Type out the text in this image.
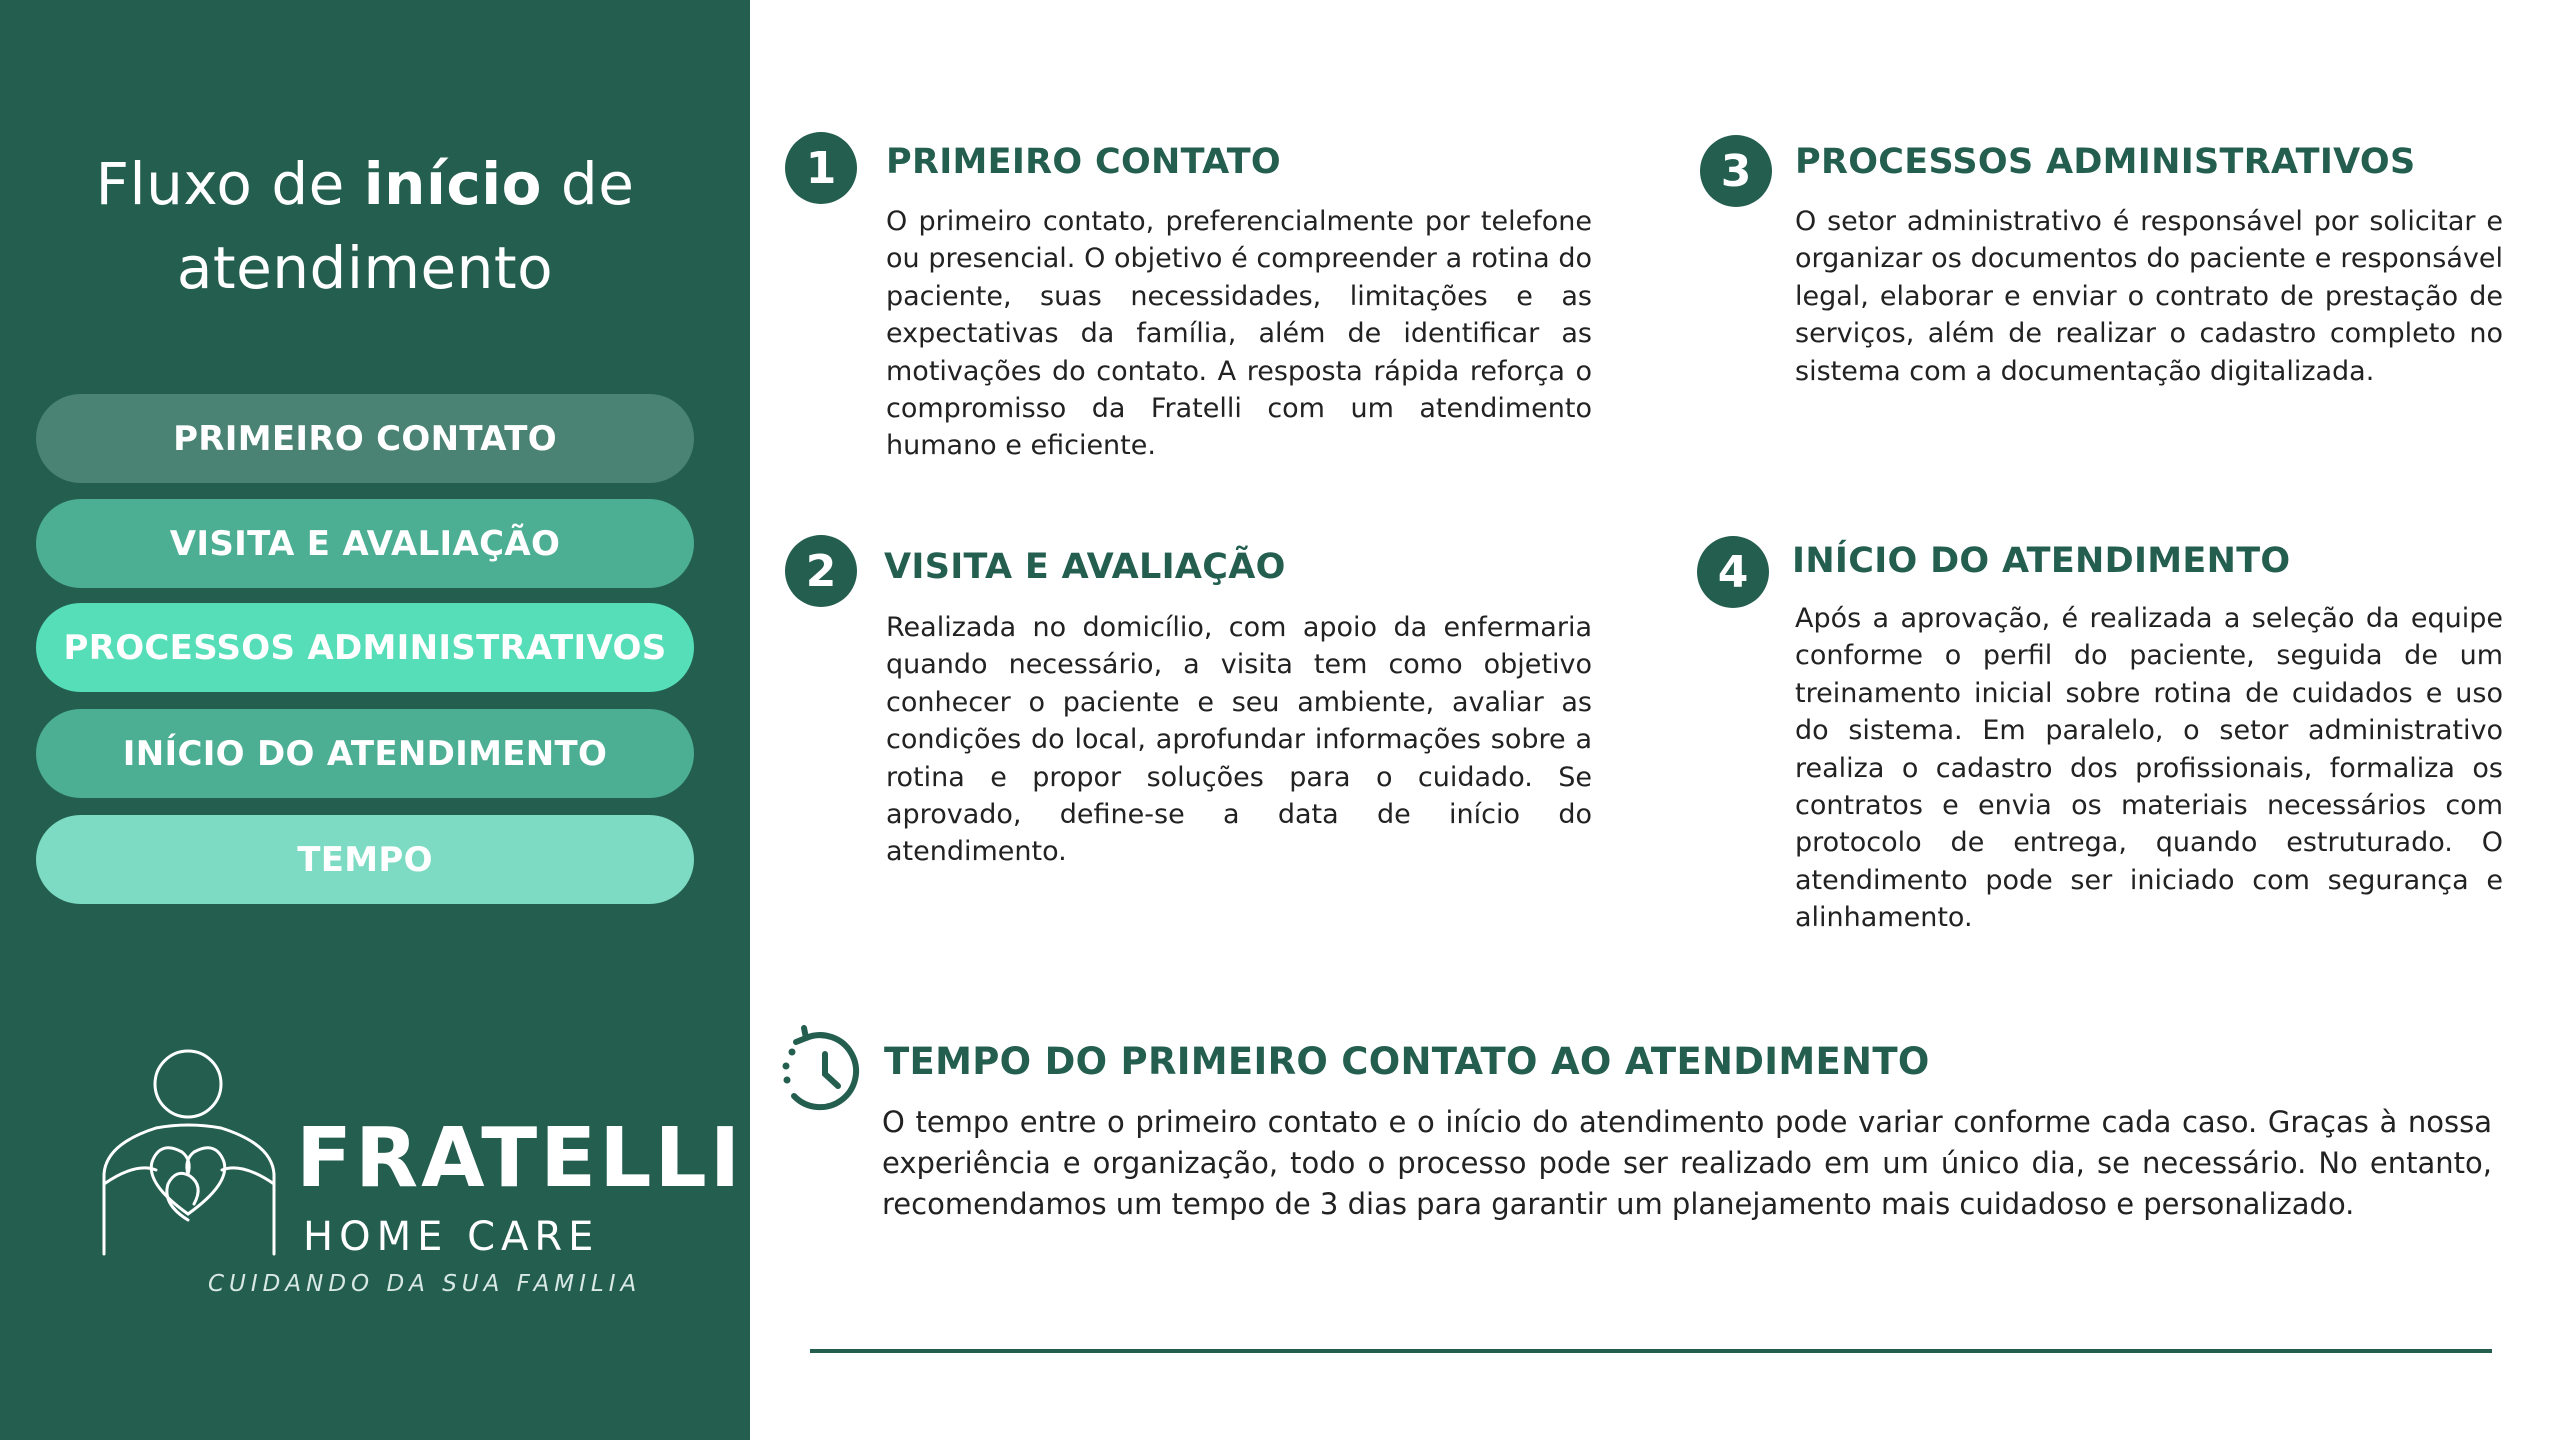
Fluxo de início de
atendimento
PRIMEIRO CONTATO
VISITA E AVALIAÇÃO
PROCESSOS ADMINISTRATIVOS
INÍCIO DO ATENDIMENTO
TEMPO
FRATELLI
HOME CARE
CUIDANDO DA SUA FAMILIA
1	PRIMEIRO CONTATO

O primeiro contato, preferencialmente por telefone ou presencial. O objetivo é compreender a rotina do paciente, suas necessidades, limitações e as expectativas da família, além de identificar as motivações do contato. A resposta rápida reforça o compromisso da Fratelli com um atendimento humano e eficiente.

3	PROCESSOS ADMINISTRATIVOS

O setor administrativo é responsável por solicitar e organizar os documentos do paciente e responsável legal, elaborar e enviar o contrato de prestação de serviços, além de realizar o cadastro completo no sistema com a documentação digitalizada.

2	VISITA E AVALIAÇÃO

Realizada no domicílio, com apoio da enfermaria quando necessário, a visita tem como objetivo conhecer o paciente e seu ambiente, avaliar as condições do local, aprofundar informações sobre a rotina e propor soluções para o cuidado. Se aprovado, define-se a data de início do atendimento.

4	INÍCIO DO ATENDIMENTO

Após a aprovação, é realizada a seleção da equipe conforme o perfil do paciente, seguida de um treinamento inicial sobre rotina de cuidados e uso do sistema. Em paralelo, o setor administrativo realiza o cadastro dos profissionais, formaliza os contratos e envia os materiais necessários com protocolo de entrega, quando estruturado. O atendimento pode ser iniciado com segurança e alinhamento.

TEMPO DO PRIMEIRO CONTATO AO ATENDIMENTO

O tempo entre o primeiro contato e o início do atendimento pode variar conforme cada caso. Graças à nossa experiência e organização, todo o processo pode ser realizado em um único dia, se necessário. No entanto, recomendamos um tempo de 3 dias para garantir um planejamento mais cuidadoso e personalizado.
